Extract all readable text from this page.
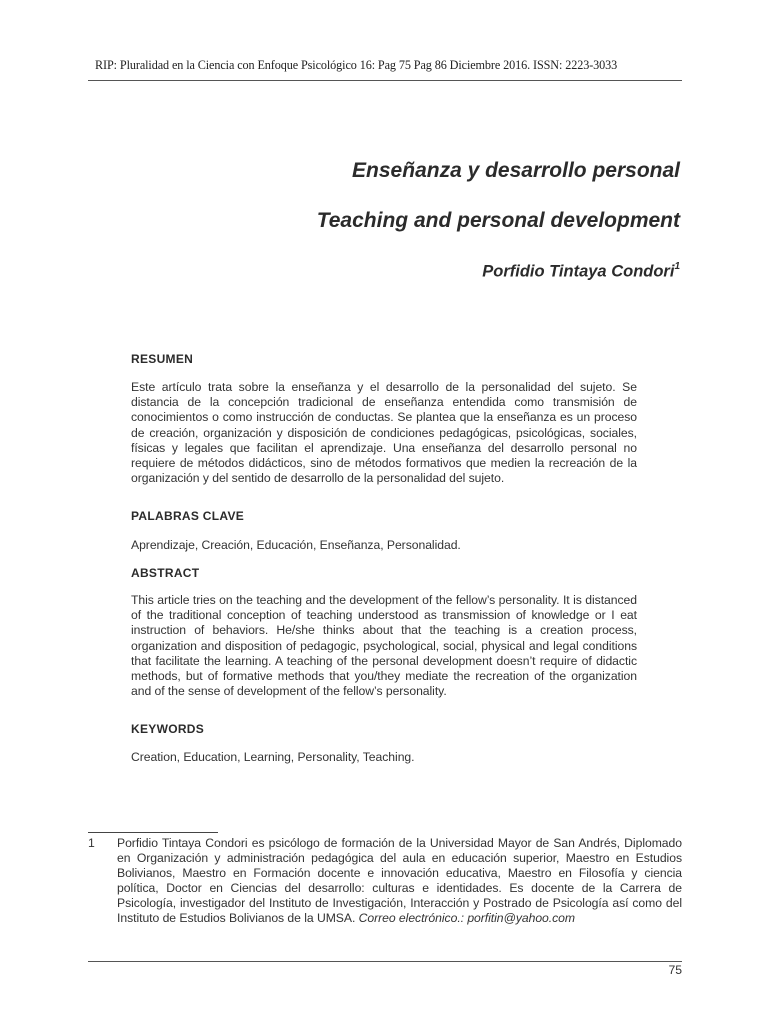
RIP: Pluralidad en la Ciencia con Enfoque Psicológico 16: Pag 75 Pag 86 Diciembre 2016. ISSN: 2223-3033
Enseñanza y desarrollo personal
Teaching and personal development
Porfidio Tintaya Condori$^1$

RESUMEN

Este artículo trata sobre la enseñanza y el desarrollo de la personalidad del sujeto. Se distancia de la concepción tradicional de enseñanza entendida como transmisión de conocimientos o como instrucción de conductas. Se plantea que la enseñanza es un proceso de creación, organización y disposición de condiciones pedagógicas, psicológicas, sociales, físicas y legales que facilitan el aprendizaje. Una enseñanza del desarrollo personal no requiere de métodos didácticos, sino de métodos formativos que medien la recreación de la organización y del sentido de desarrollo de la personalidad del sujeto.

PALABRAS CLAVE

Aprendizaje, Creación, Educación, Enseñanza, Personalidad.

ABSTRACT

This article tries on the teaching and the development of the fellow’s personality. It is distanced of the traditional conception of teaching understood as transmission of knowledge or I eat instruction of behaviors. He/she thinks about that the teaching is a creation process, organization and disposition of pedagogic, psychological, social, physical and legal conditions that facilitate the learning. A teaching of the personal development doesn’t require of didactic methods, but of formative methods that you/they mediate the recreation of the organization and of the sense of development of the fellow’s personality.

KEYWORDS

Creation, Education, Learning, Personality, Teaching.

1 Porfidio Tintaya Condori es psicólogo de formación de la Universidad Mayor de San Andrés, Diplomado en Organización y administración pedagógica del aula en educación superior, Maestro en Estudios Bolivianos, Maestro en Formación docente e innovación educativa, Maestro en Filosofía y ciencia política, Doctor en Ciencias del desarrollo: culturas e identidades. Es docente de la Carrera de Psicología, investigador del Instituto de Investigación, Interacción y Postrado de Psicología así como del Instituto de Estudios Bolivianos de la UMSA. Correo electrónico.: porfitin@yahoo.com
75
